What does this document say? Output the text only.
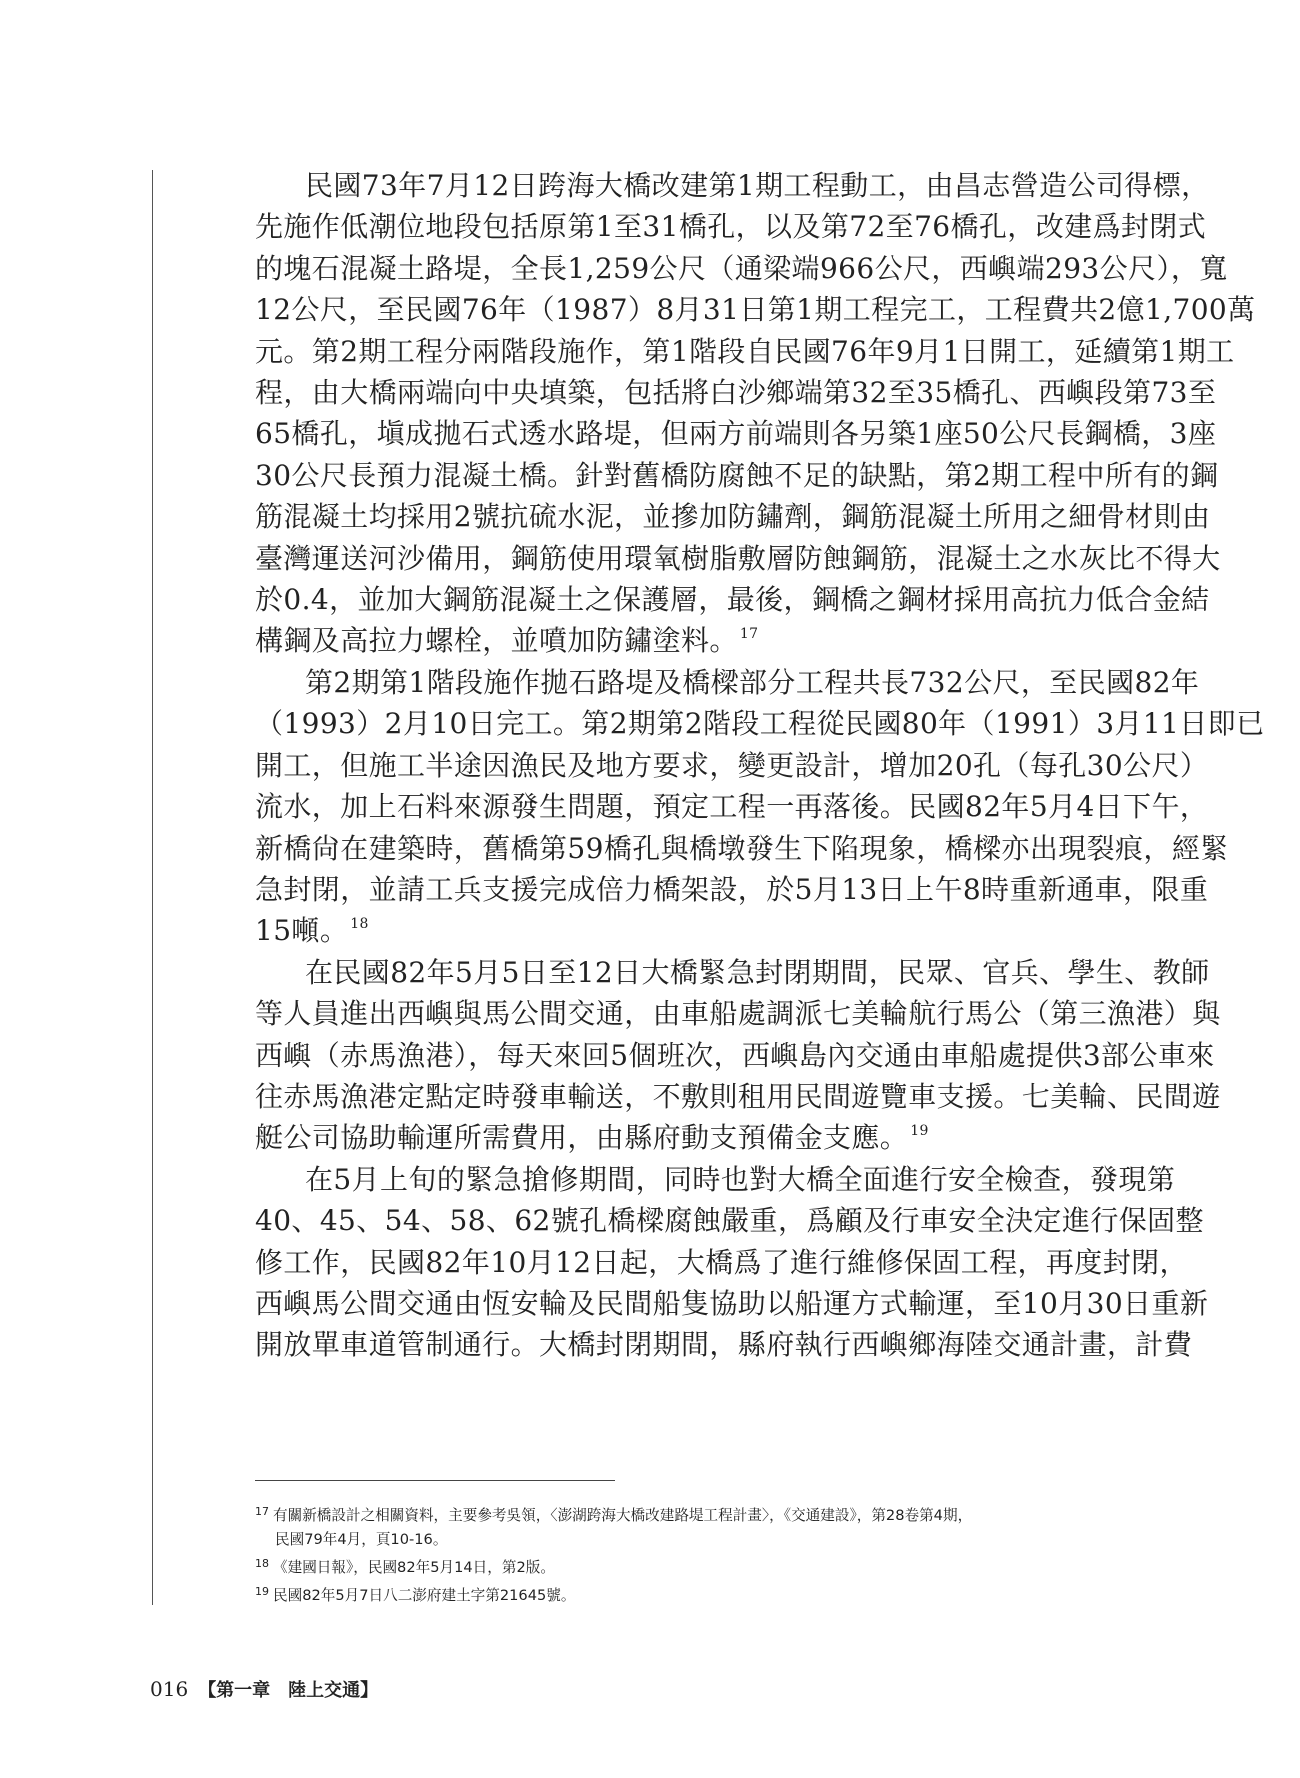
民國73年7月12日跨海大橋改建第1期工程動工，由昌志營造公司得標，
先施作低潮位地段包括原第1至31橋孔，以及第72至76橋孔，改建爲封閉式
的塊石混凝土路堤，全長1,259公尺（通梁端966公尺，西嶼端293公尺），寬
12公尺，至民國76年（1987）8月31日第1期工程完工，工程費共2億1,700萬
元。第2期工程分兩階段施作，第1階段自民國76年9月1日開工，延續第1期工
程，由大橋兩端向中央填築，包括將白沙鄉端第32至35橋孔、西嶼段第73至
65橋孔，塡成拋石式透水路堤，但兩方前端則各另築1座50公尺長鋼橋，3座
30公尺長預力混凝土橋。針對舊橋防腐蝕不足的缺點，第2期工程中所有的鋼
筋混凝土均採用2號抗硫水泥，並摻加防鏽劑，鋼筋混凝土所用之細骨材則由
臺灣運送河沙備用，鋼筋使用環氧樹脂敷層防蝕鋼筋，混凝土之水灰比不得大
於0.4，並加大鋼筋混凝土之保護層，最後，鋼橋之鋼材採用高抗力低合金結
構鋼及高拉力螺栓，並噴加防鏽塗料。 $^{17}$

第2期第1階段施作拋石路堤及橋樑部分工程共長732公尺，至民國82年
（1993）2月10日完工。第2期第2階段工程從民國80年（1991）3月11日即已
開工，但施工半途因漁民及地方要求，變更設計，增加20孔（每孔30公尺）
流水，加上石料來源發生問題，預定工程一再落後。民國82年5月4日下午，
新橋尙在建築時，舊橋第59橋孔與橋墩發生下陷現象，橋樑亦出現裂痕，經緊
急封閉，並請工兵支援完成倍力橋架設，於5月13日上午8時重新通車，限重
15噸。 $^{18}$

在民國82年5月5日至12日大橋緊急封閉期間，民眾、官兵、學生、教師
等人員進出西嶼與馬公間交通，由車船處調派七美輪航行馬公（第三漁港）與
西嶼（赤馬漁港），每天來回5個班次，西嶼島內交通由車船處提供3部公車來
往赤馬漁港定點定時發車輸送，不敷則租用民間遊覽車支援。七美輪、民間遊
艇公司協助輸運所需費用，由縣府動支預備金支應。 $^{19}$

在5月上旬的緊急搶修期間，同時也對大橋全面進行安全檢查，發現第
40、45、54、58、62號孔橋樑腐蝕嚴重，爲顧及行車安全決定進行保固整
修工作，民國82年10月12日起，大橋爲了進行維修保固工程，再度封閉，
西嶼馬公間交通由恆安輪及民間船隻協助以船運方式輸運，至10月30日重新
開放單車道管制通行。大橋封閉期間，縣府執行西嶼鄉海陸交通計畫，計費

$^{17}$ 有關新橋設計之相關資料，主要參考吳領，〈澎湖跨海大橋改建路堤工程計畫〉，《交通建設》，第28卷第4期，
民國79年4月，頁10-16。
$^{18}$ 《建國日報》，民國82年5月14日，第2版。
$^{19}$ 民國82年5月7日八二澎府建土字第21645號。
016 【第一章　陸上交通】
